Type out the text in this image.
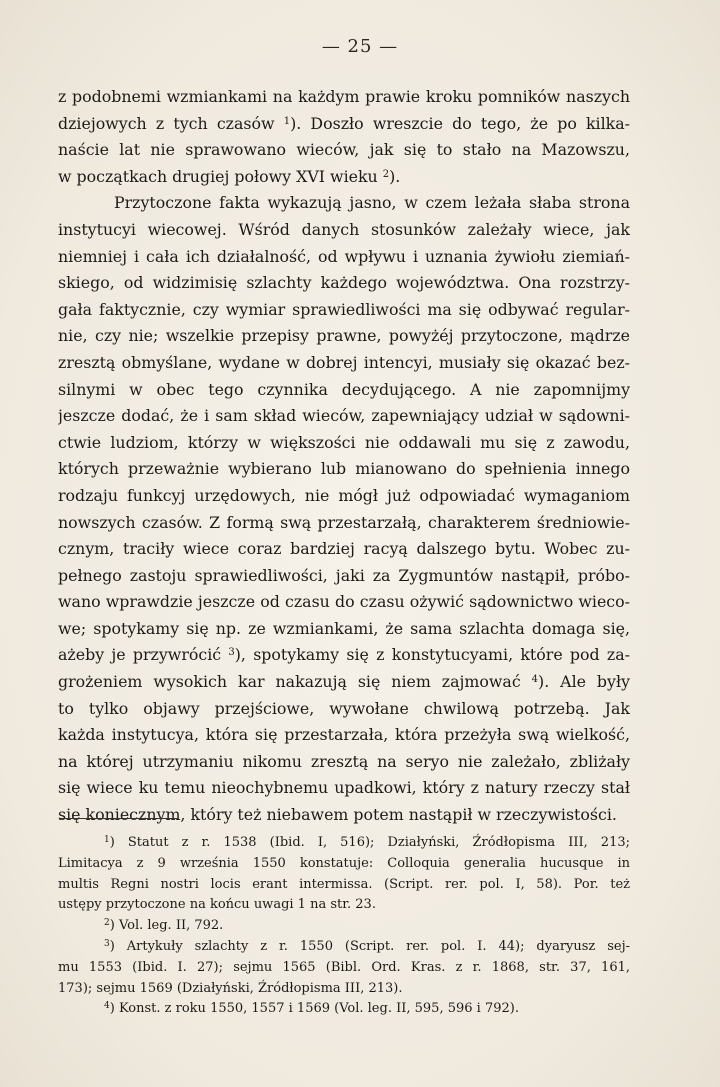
— 25 —
z podobnemi wzmiankami na każdym prawie kroku pomników naszych
dziejowych z tych czasów $^1$). Doszło wreszcie do tego, że po kilka-
naście lat nie sprawowano wieców, jak się to stało na Mazowszu,
w początkach drugiej połowy XVI wieku $^2$).
Przytoczone fakta wykazują jasno, w czem leżała słaba strona
instytucyi wiecowej. Wśród danych stosunków zależały wiece, jak
niemniej i cała ich działalność, od wpływu i uznania żywiołu ziemiań-
skiego, od widzimisię szlachty każdego województwa. Ona rozstrzy-
gała faktycznie, czy wymiar sprawiedliwości ma się odbywać regular-
nie, czy nie; wszelkie przepisy prawne, powyżéj przytoczone, mądrze
zresztą obmyślane, wydane w dobrej intencyi, musiały się okazać bez-
silnymi w obec tego czynnika decydującego. A nie zapomnijmy
jeszcze dodać, że i sam skład wieców, zapewniający udział w sądowni-
ctwie ludziom, którzy w większości nie oddawali mu się z zawodu,
których przeważnie wybierano lub mianowano do spełnienia innego
rodzaju funkcyj urzędowych, nie mógł już odpowiadać wymaganiom
nowszych czasów. Z formą swą przestarzałą, charakterem średniowie-
cznym, traciły wiece coraz bardziej racyą dalszego bytu. Wobec zu-
pełnego zastoju sprawiedliwości, jaki za Zygmuntów nastąpił, próbo-
wano wprawdzie jeszcze od czasu do czasu ożywić sądownictwo wieco-
we; spotykamy się np. ze wzmiankami, że sama szlachta domaga się,
ażeby je przywrócić $^3$), spotykamy się z konstytucyami, które pod za-
grożeniem wysokich kar nakazują się niem zajmować $^4$). Ale były
to tylko objawy przejściowe, wywołane chwilową potrzebą. Jak
każda instytucya, która się przestarzała, która przeżyła swą wielkość,
na której utrzymaniu nikomu zresztą na seryo nie zależało, zbliżały
się wiece ku temu nieochybnemu upadkowi, który z natury rzeczy stał
się koniecznym, który też niebawem potem nastąpił w rzeczywistości.
$^1$) Statut z r. 1538 (Ibid. I, 516); Działyński, Źródłopisma III, 213;
Limitacya z 9 września 1550 konstatuje: Colloquia generalia hucusque in
multis Regni nostri locis erant intermissa. (Script. rer. pol. I, 58). Por. też
ustępy przytoczone na końcu uwagi 1 na str. 23.
$^2$) Vol. leg. II, 792.
$^3$) Artykuły szlachty z r. 1550 (Script. rer. pol. I. 44); dyaryusz sej-
mu 1553 (Ibid. I. 27); sejmu 1565 (Bibl. Ord. Kras. z r. 1868, str. 37, 161,
173); sejmu 1569 (Działyński, Źródłopisma III, 213).
$^4$) Konst. z roku 1550, 1557 i 1569 (Vol. leg. II, 595, 596 i 792).
